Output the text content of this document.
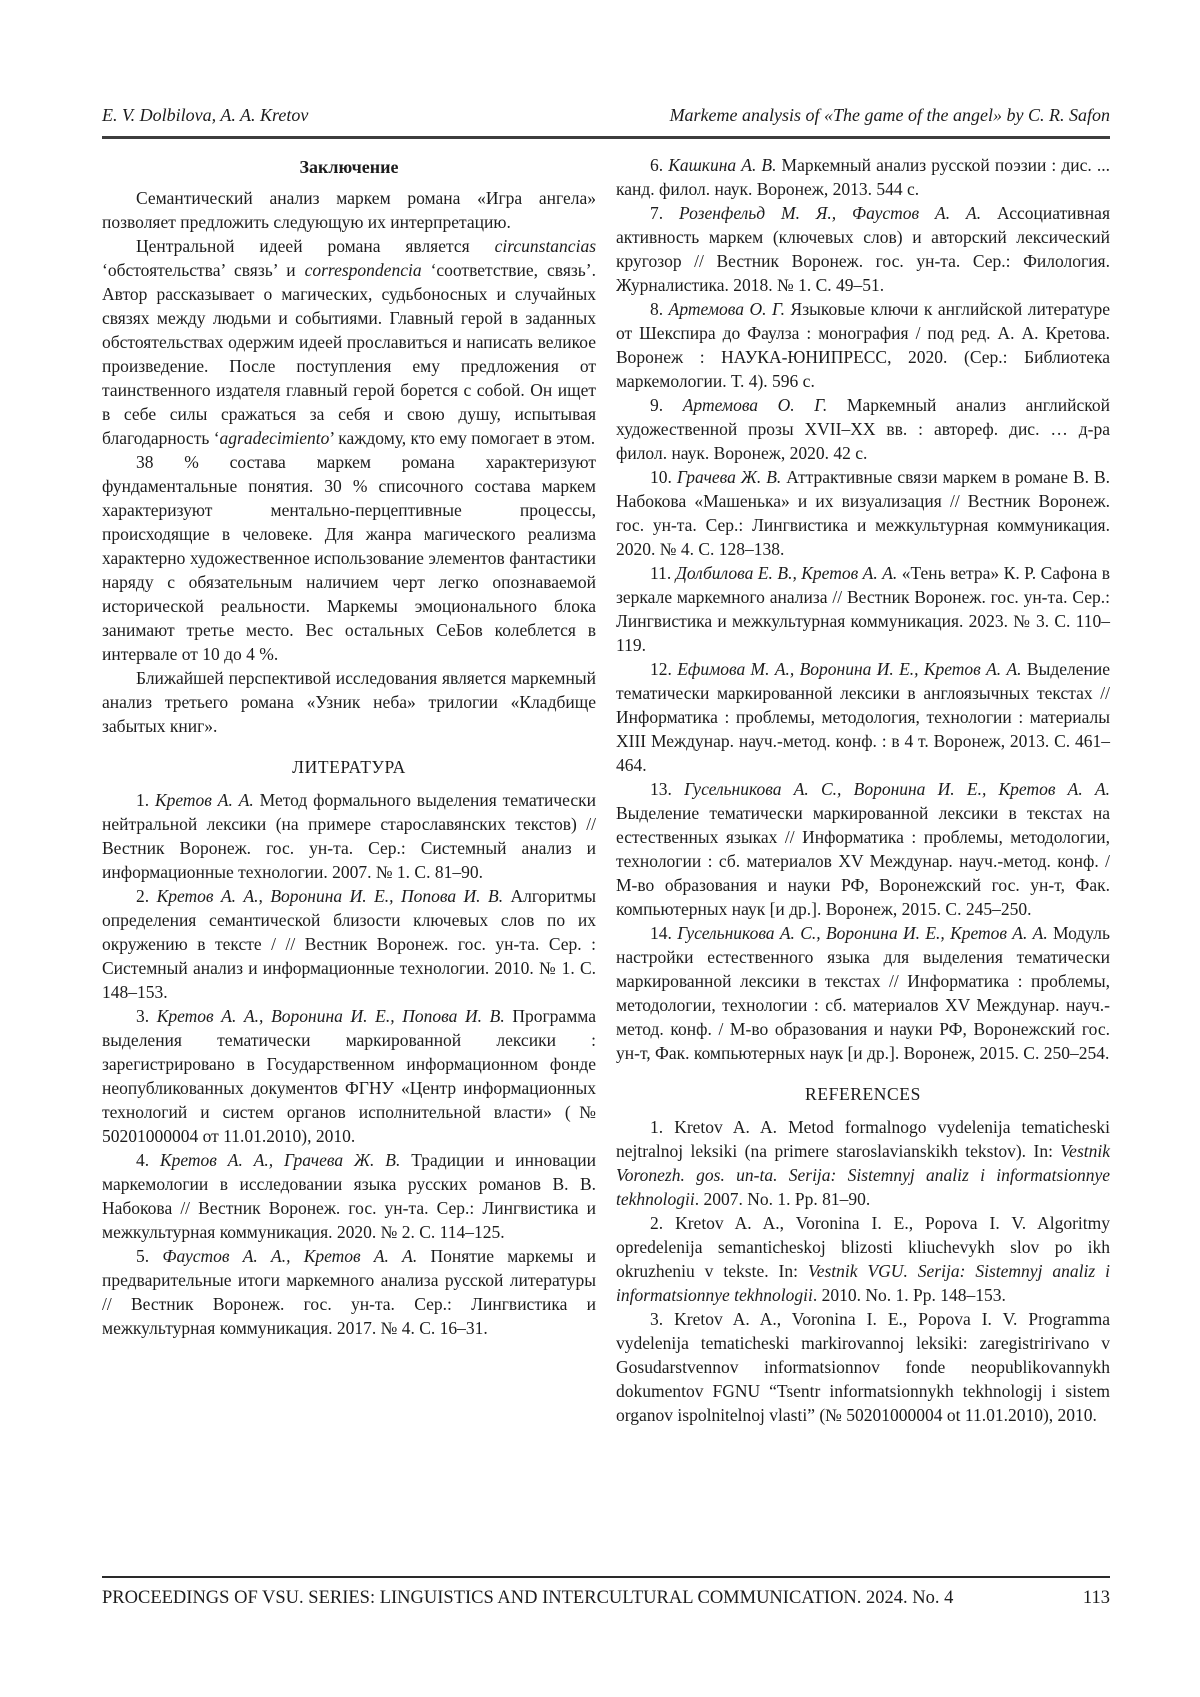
E. V. Dolbilova, A. A. Kretov	Markeme analysis of «The game of the angel» by C. R. Safon
Заключение

Семантический анализ маркем романа «Игра ангела» позволяет предложить следующую их интерпретацию.

Центральной идеей романа является circunstancias ‘обстоятельства’ связь’ и correspondencia ‘соответствие, связь’. Автор рассказывает о магических, судьбоносных и случайных связях между людьми и событиями. Главный герой в заданных обстоятельствах одержим идеей прославиться и написать великое произведение. После поступления ему предложения от таинственного издателя главный герой борется с собой. Он ищет в себе силы сражаться за себя и свою душу, испытывая благодарность ‘agradecimiento’ каждому, кто ему помогает в этом.

38 % состава маркем романа характеризуют фундаментальные понятия. 30 % списочного состава маркем характеризуют ментально-перцептивные процессы, происходящие в человеке. Для жанра магического реализма характерно художественное использование элементов фантастики наряду с обязательным наличием черт легко опознаваемой исторической реальности. Маркемы эмоционального блока занимают третье место. Вес остальных СеБов колеблется в интервале от 10 до 4 %.

Ближайшей перспективой исследования является маркемный анализ третьего романа «Узник неба» трилогии «Кладбище забытых книг».

ЛИТЕРАТУРА

1. Кретов А. А. Метод формального выделения тематически нейтральной лексики (на примере старославянских текстов) // Вестник Воронеж. гос. ун-та. Сер.: Системный анализ и информационные технологии. 2007. № 1. С. 81–90.

2. Кретов А. А., Воронина И. Е., Попова И. В. Алгоритмы определения семантической близости ключевых слов по их окружению в тексте / // Вестник Воронеж. гос. ун-та. Сер. : Системный анализ и информационные технологии. 2010. № 1. С. 148–153.

3. Кретов А. А., Воронина И. Е., Попова И. В. Программа выделения тематически маркированной лексики : зарегистрировано в Государственном информационном фонде неопубликованных документов ФГНУ «Центр информационных технологий и систем органов исполнительной власти» (№ 50201000004 от 11.01.2010), 2010.

4. Кретов А. А., Грачева Ж. В. Традиции и инновации маркемологии в исследовании языка русских романов В. В. Набокова // Вестник Воронеж. гос. ун-та. Сер.: Лингвистика и межкультурная коммуникация. 2020. № 2. С. 114–125.

5. Фаустов А. А., Кретов А. А. Понятие маркемы и предварительные итоги маркемного анализа русской литературы // Вестник Воронеж. гос. ун-та. Сер.: Лингвистика и межкультурная коммуникация. 2017. № 4. С. 16–31.

6. Кашкина А. В. Маркемный анализ русской поэзии : дис. ... канд. филол. наук. Воронеж, 2013. 544 с.

7. Розенфельд М. Я., Фаустов А. А. Ассоциативная активность маркем (ключевых слов) и авторский лексический кругозор // Вестник Воронеж. гос. ун-та. Сер.: Филология. Журналистика. 2018. № 1. С. 49–51.

8. Артемова О. Г. Языковые ключи к английской литературе от Шекспира до Фаулза : монография / под ред. А. А. Кретова. Воронеж : НАУКА-ЮНИПРЕСС, 2020. (Сер.: Библиотека маркемологии. Т. 4). 596 с.

9. Артемова О. Г. Маркемный анализ английской художественной прозы XVII–XX вв. : автореф. дис. … д-ра филол. наук. Воронеж, 2020. 42 с.

10. Грачева Ж. В. Аттрактивные связи маркем в романе В. В. Набокова «Машенька» и их визуализация // Вестник Воронеж. гос. ун-та. Сер.: Лингвистика и межкультурная коммуникация. 2020. № 4. С. 128–138.

11. Долбилова Е. В., Кретов А. А. «Тень ветра» К. Р. Сафона в зеркале маркемного анализа // Вестник Воронеж. гос. ун-та. Сер.: Лингвистика и межкультурная коммуникация. 2023. № 3. С. 110–119.

12. Ефимова М. А., Воронина И. Е., Кретов А. А. Выделение тематически маркированной лексики в англоязычных текстах // Информатика : проблемы, методология, технологии : материалы XIII Междунар. науч.-метод. конф. : в 4 т. Воронеж, 2013. С. 461–464.

13. Гусельникова А. С., Воронина И. Е., Кретов А. А. Выделение тематически маркированной лексики в текстах на естественных языках // Информатика : проблемы, методологии, технологии : сб. материалов XV Междунар. науч.-метод. конф. / М-во образования и науки РФ, Воронежский гос. ун-т, Фак. компьютерных наук [и др.]. Воронеж, 2015. С. 245–250.

14. Гусельникова А. С., Воронина И. Е., Кретов А. А. Модуль настройки естественного языка для выделения тематически маркированной лексики в текстах // Информатика : проблемы, методологии, технологии : сб. материалов XV Междунар. науч.-метод. конф. / М-во образования и науки РФ, Воронежский гос. ун-т, Фак. компьютерных наук [и др.]. Воронеж, 2015. С. 250–254.

REFERENCES

1. Kretov A. A. Metod formalnogo vydelenija tematicheski nejtralnoj leksiki (na primere staroslavianskikh tekstov). In: Vestnik Voronezh. gos. un-ta. Serija: Sistemnyj analiz i informatsionnye tekhnologii. 2007. No. 1. Pp. 81–90.

2. Kretov A. A., Voronina I. E., Popova I. V. Algoritmy opredelenija semanticheskoj blizosti kliuchevykh slov po ikh okruzheniu v tekste. In: Vestnik VGU. Serija: Sistemnyj analiz i informatsionnye tekhnologii. 2010. No. 1. Pp. 148–153.

3. Kretov A. A., Voronina I. E., Popova I. V. Programma vydelenija tematicheski markirovannoj leksiki: zaregistririvano v Gosudarstvennov informatsionnov fonde neopublikovannykh dokumentov FGNU “Tsentr informatsionnykh tekhnologij i sistem organov ispolnitelnoj vlasti” (№ 50201000004 ot 11.01.2010), 2010.

PROCEEDINGS OF VSU. SERIES: LINGUISTICS AND INTERCULTURAL COMMUNICATION. 2024. No. 4	113
